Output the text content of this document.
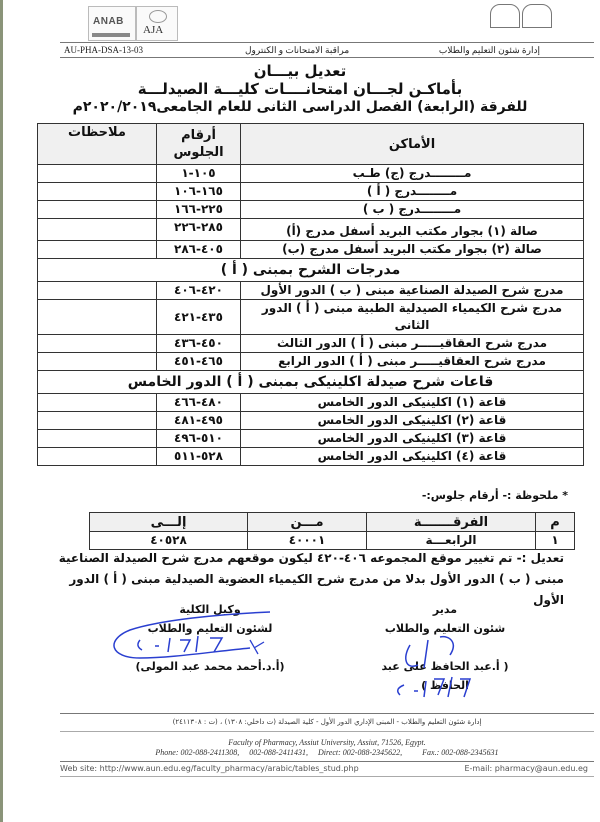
ANAB
AJA
AU-PHA-DSA-13-03	مراقبة الامتحانات و الكنترول	إدارة شئون التعليم والطلاب
تعديل بيـــان
بأماكـن لجـــان امتحانــــات كليـــة الصيدلـــة
للفرقة (الرابعة) الفصل الدراسى الثانى للعام الجامعى٢٠٢٠/٢٠١٩م
الأماكن	أرقام الجلوس	ملاحظات
مــــــــدرج (ج) طـب	١٠٥-١	
مــــــــدرج ( أ )	١٦٥-١٠٦	
مــــــــدرج ( ب )	٢٢٥-١٦٦	
صالة (١) بجوار مكتب البريد أسفل مدرج (أ)	٢٨٥-٢٢٦	
صالة (٢) بجوار مكتب البريد أسفل مدرج (ب)	٤٠٥-٢٨٦	
مدرجات الشرح بمبنى ( أ )		
مدرج شرح الصيدلة الصناعية مبنى ( ب ) الدور الأول	٤٢٠-٤٠٦	
مدرج شرح الكيمياء الصيدلية الطبية مبنى ( أ ) الدور الثانى	٤٣٥-٤٢١	
مدرج شرح العقاقيـــــر مبنى ( أ ) الدور الثالث	٤٥٠-٤٣٦	
مدرج شرح العقاقيـــــر مبنى ( أ ) الدور الرابع	٤٦٥-٤٥١	
قاعات شرح صيدلة اكلينيكى بمبنى ( أ ) الدور الخامس		
قاعة (١) اكلينيكى الدور الخامس	٤٨٠-٤٦٦	
قاعة (٢) اكلينيكى الدور الخامس	٤٩٥-٤٨١	
قاعة (٣) اكلينيكى الدور الخامس	٥١٠-٤٩٦	
قاعة (٤) اكلينيكى الدور الخامس	٥٢٨-٥١١	
* ملحوظة :- أرقام جلوس:-
م	الفرقـــــــة	مـــن	إلـــى
١	الرابعـــة	٤٠٠٠١	٤٠٥٢٨
تعديل :- تم تغيير موقع المجموعه ٤٠٦-٤٢٠ ليكون موقعهم مدرج شرح الصيدلة الصناعية
مبنى ( ب ) الدور الأول بدلا من مدرج شرح الكيمياء العضوية الصيدلية مبنى ( أ ) الدور الأول
وكيل الكلية
لشئون التعليم والطلاب
(أ.د.أحمد محمد عبد المولى)
مدير
شئون التعليم والطلاب
( أ.عبد الحافظ على عبد الحافظ )
إدارة شئون التعليم والطلاب - المبنى الإداري الدور الأول - كلية الصيدلة (ت داخلي: ١٣٠٨) ، (ت : ٢٤١١٣٠٨)
Faculty of Pharmacy, Assiut University, Assiut, 71526, Egypt.
Phone: 002-088-2411308,     002-088-2411431,     Direct: 002-088-2345622,          Fax.: 002-088-2345631
Web site: http://www.aun.edu.eg/faculty_pharmacy/arabic/tables_stud.php	E-mail: pharmacy@aun.edu.eg
